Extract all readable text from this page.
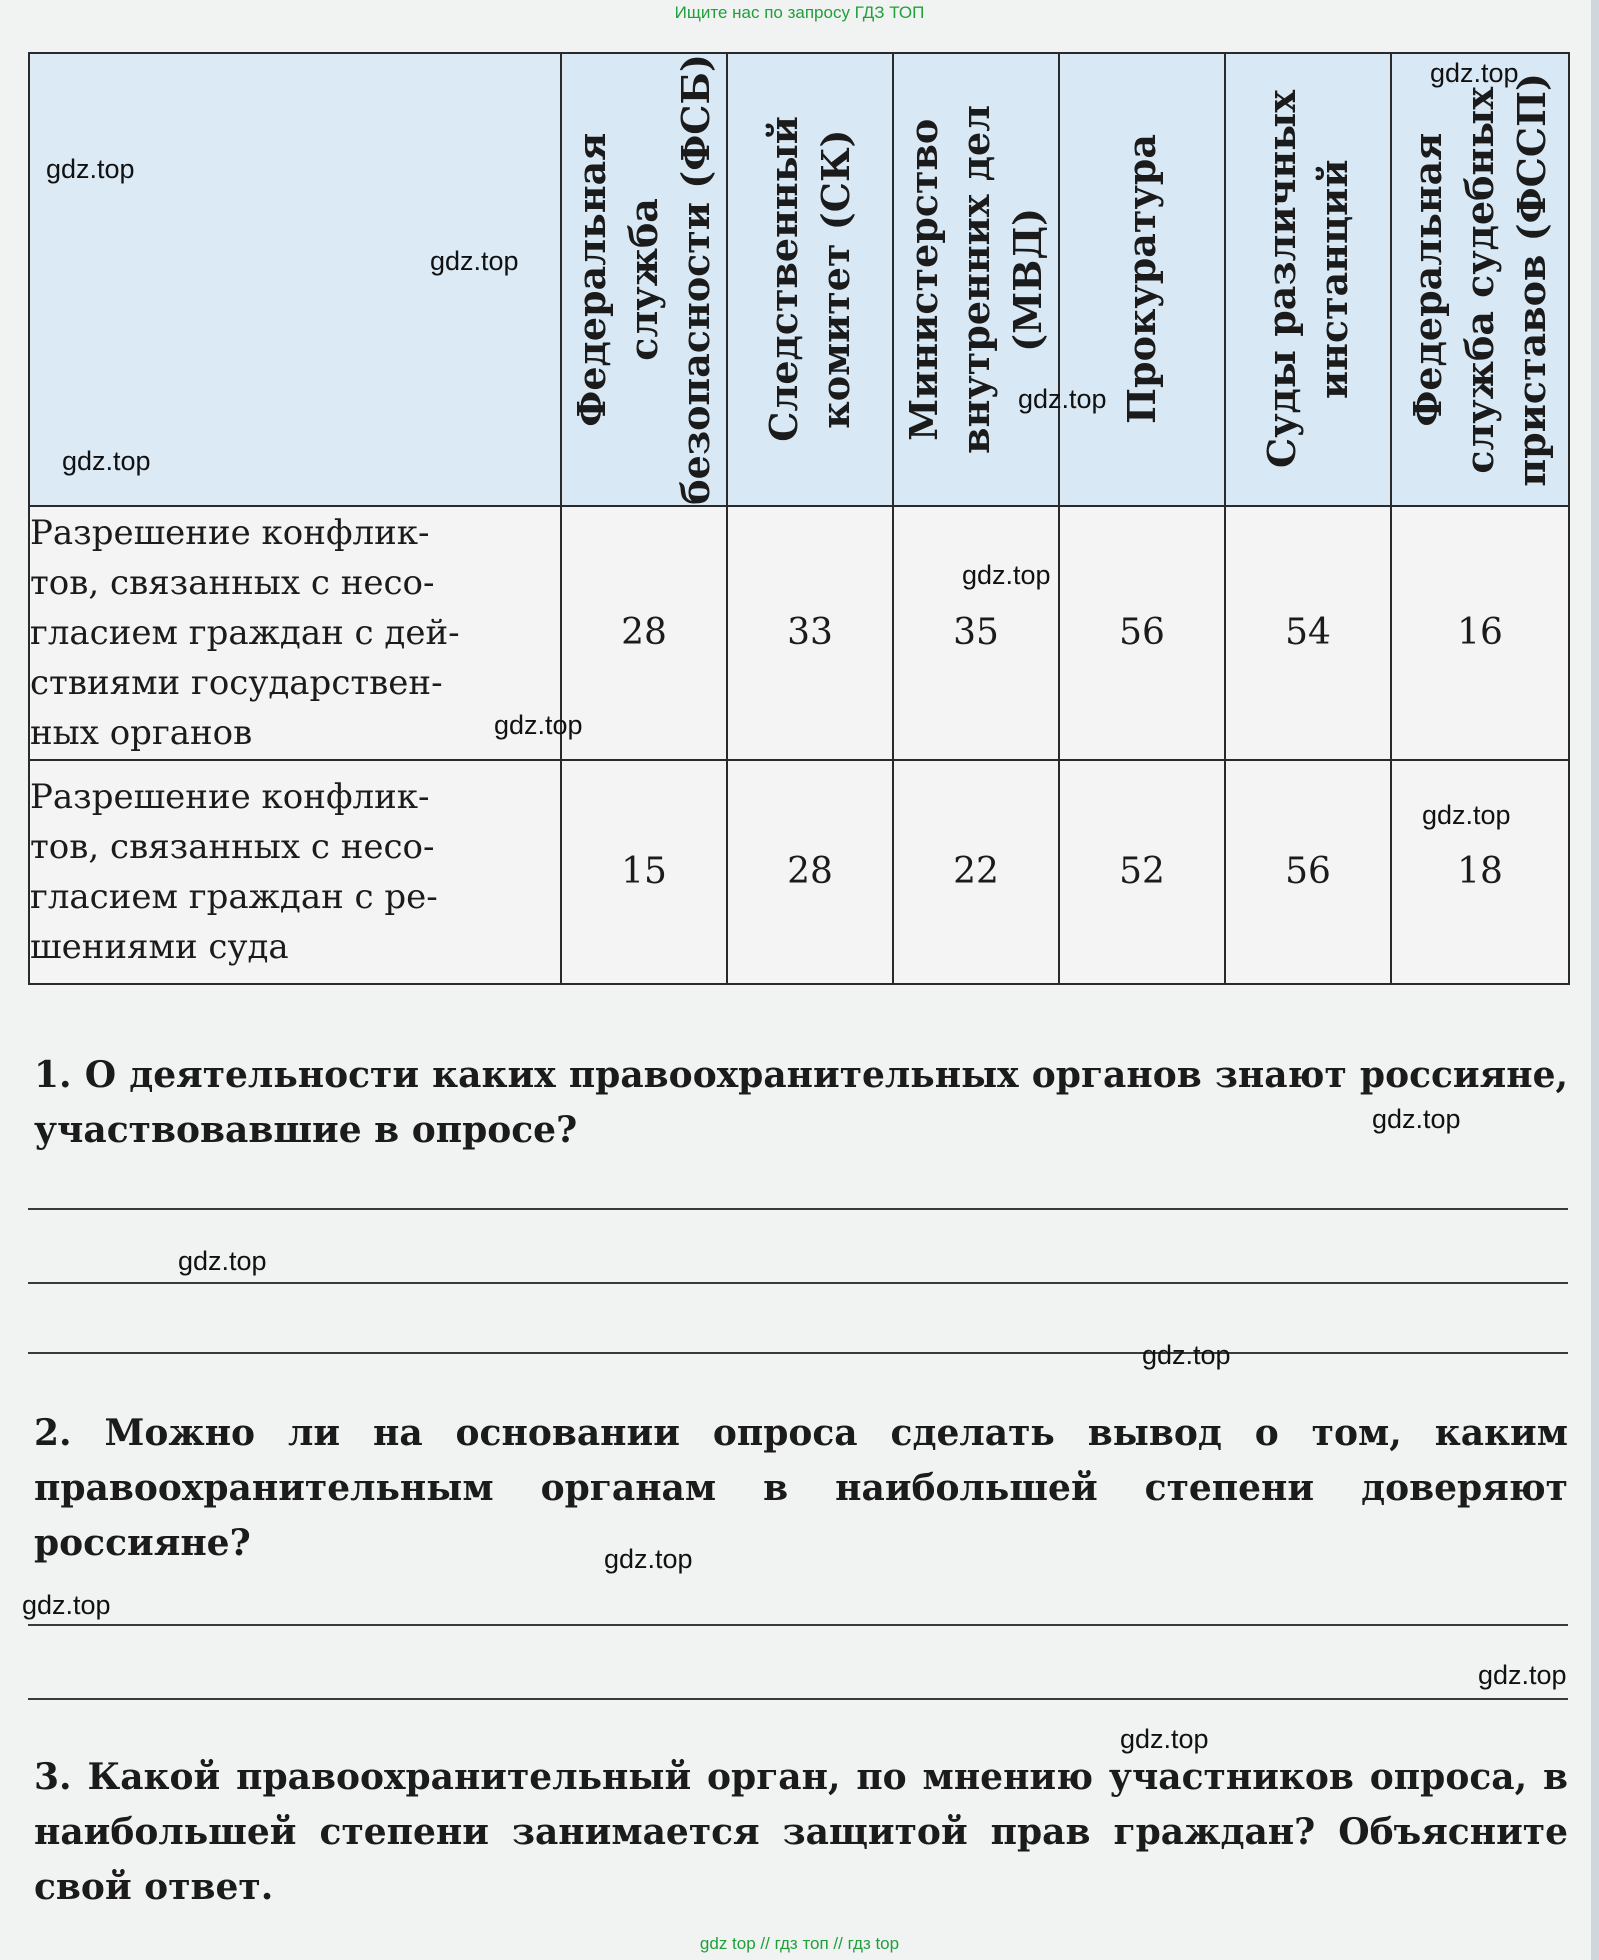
Ищите нас по запросу ГДЗ ТОП

	Федеральная служба безопасности (ФСБ)	Следственный комитет (СК)	Министерство внутренних дел (МВД)	Прокуратура	Суды различных инстанций	Федеральная служба судебных приставов (ФССП)

Разрешение конфлик-
тов, связанных с несо-
гласием граждан с дей-
ствиями государствен-
ных органов	28	33	35	56	54	16
Разрешение конфлик-
тов, связанных с несо-
гласием граждан с ре-
шениями суда	15	28	22	52	56	18
1. О деятельности каких правоохранительных органов знают россияне, участвовавшие в опросе?
2. Можно ли на основании опроса сделать вывод о том, каким правоохранительным органам в наибольшей степени доверяют россияне?
3. Какой правоохранительный орган, по мнению участников опроса, в наибольшей степени занимается защитой прав граждан? Объясните свой ответ.
gdz.top
gdz.top
gdz.top
gdz.top
gdz.top
gdz.top
gdz.top
gdz.top
gdz.top
gdz.top
gdz.top
gdz.top
gdz.top
gdz.top
gdz.top
gdz top // гдз топ // гдз top
